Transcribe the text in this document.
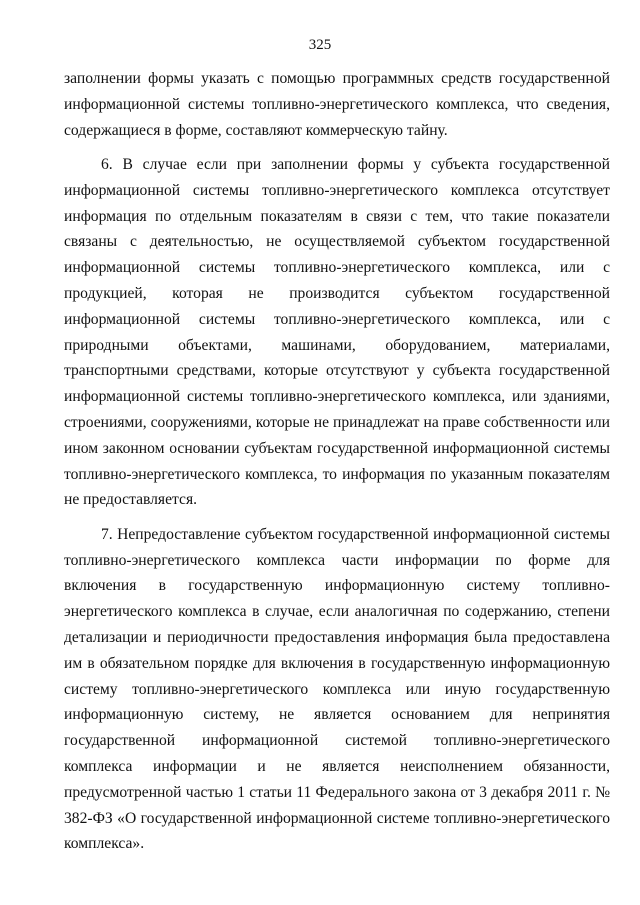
325

заполнении формы указать с помощью программных средств государственной информационной системы топливно-энергетического комплекса, что сведения, содержащиеся в форме, составляют коммерческую тайну.

6. В случае если при заполнении формы у субъекта государственной информационной системы топливно-энергетического комплекса отсутствует информация по отдельным показателям в связи с тем, что такие показатели связаны с деятельностью, не осуществляемой субъектом государственной информационной системы топливно-энергетического комплекса, или с продукцией, которая не производится субъектом государственной информационной системы топливно-энергетического комплекса, или с природными объектами, машинами, оборудованием, материалами, транспортными средствами, которые отсутствуют у субъекта государственной информационной системы топливно-энергетического комплекса, или зданиями, строениями, сооружениями, которые не принадлежат на праве собственности или ином законном основании субъектам государственной информационной системы топливно-энергетического комплекса, то информация по указанным показателям не предоставляется.

7. Непредоставление субъектом государственной информационной системы топливно-энергетического комплекса части информации по форме для включения в государственную информационную систему топливно-энергетического комплекса в случае, если аналогичная по содержанию, степени детализации и периодичности предоставления информация была предоставлена им в обязательном порядке для включения в государственную информационную систему топливно-энергетического комплекса или иную государственную информационную систему, не является основанием для непринятия государственной информационной системой топливно-энергетического комплекса информации и не является неисполнением обязанности, предусмотренной частью 1 статьи 11 Федерального закона от 3 декабря 2011 г. № 382-ФЗ «О государственной информационной системе топливно-энергетического комплекса».
